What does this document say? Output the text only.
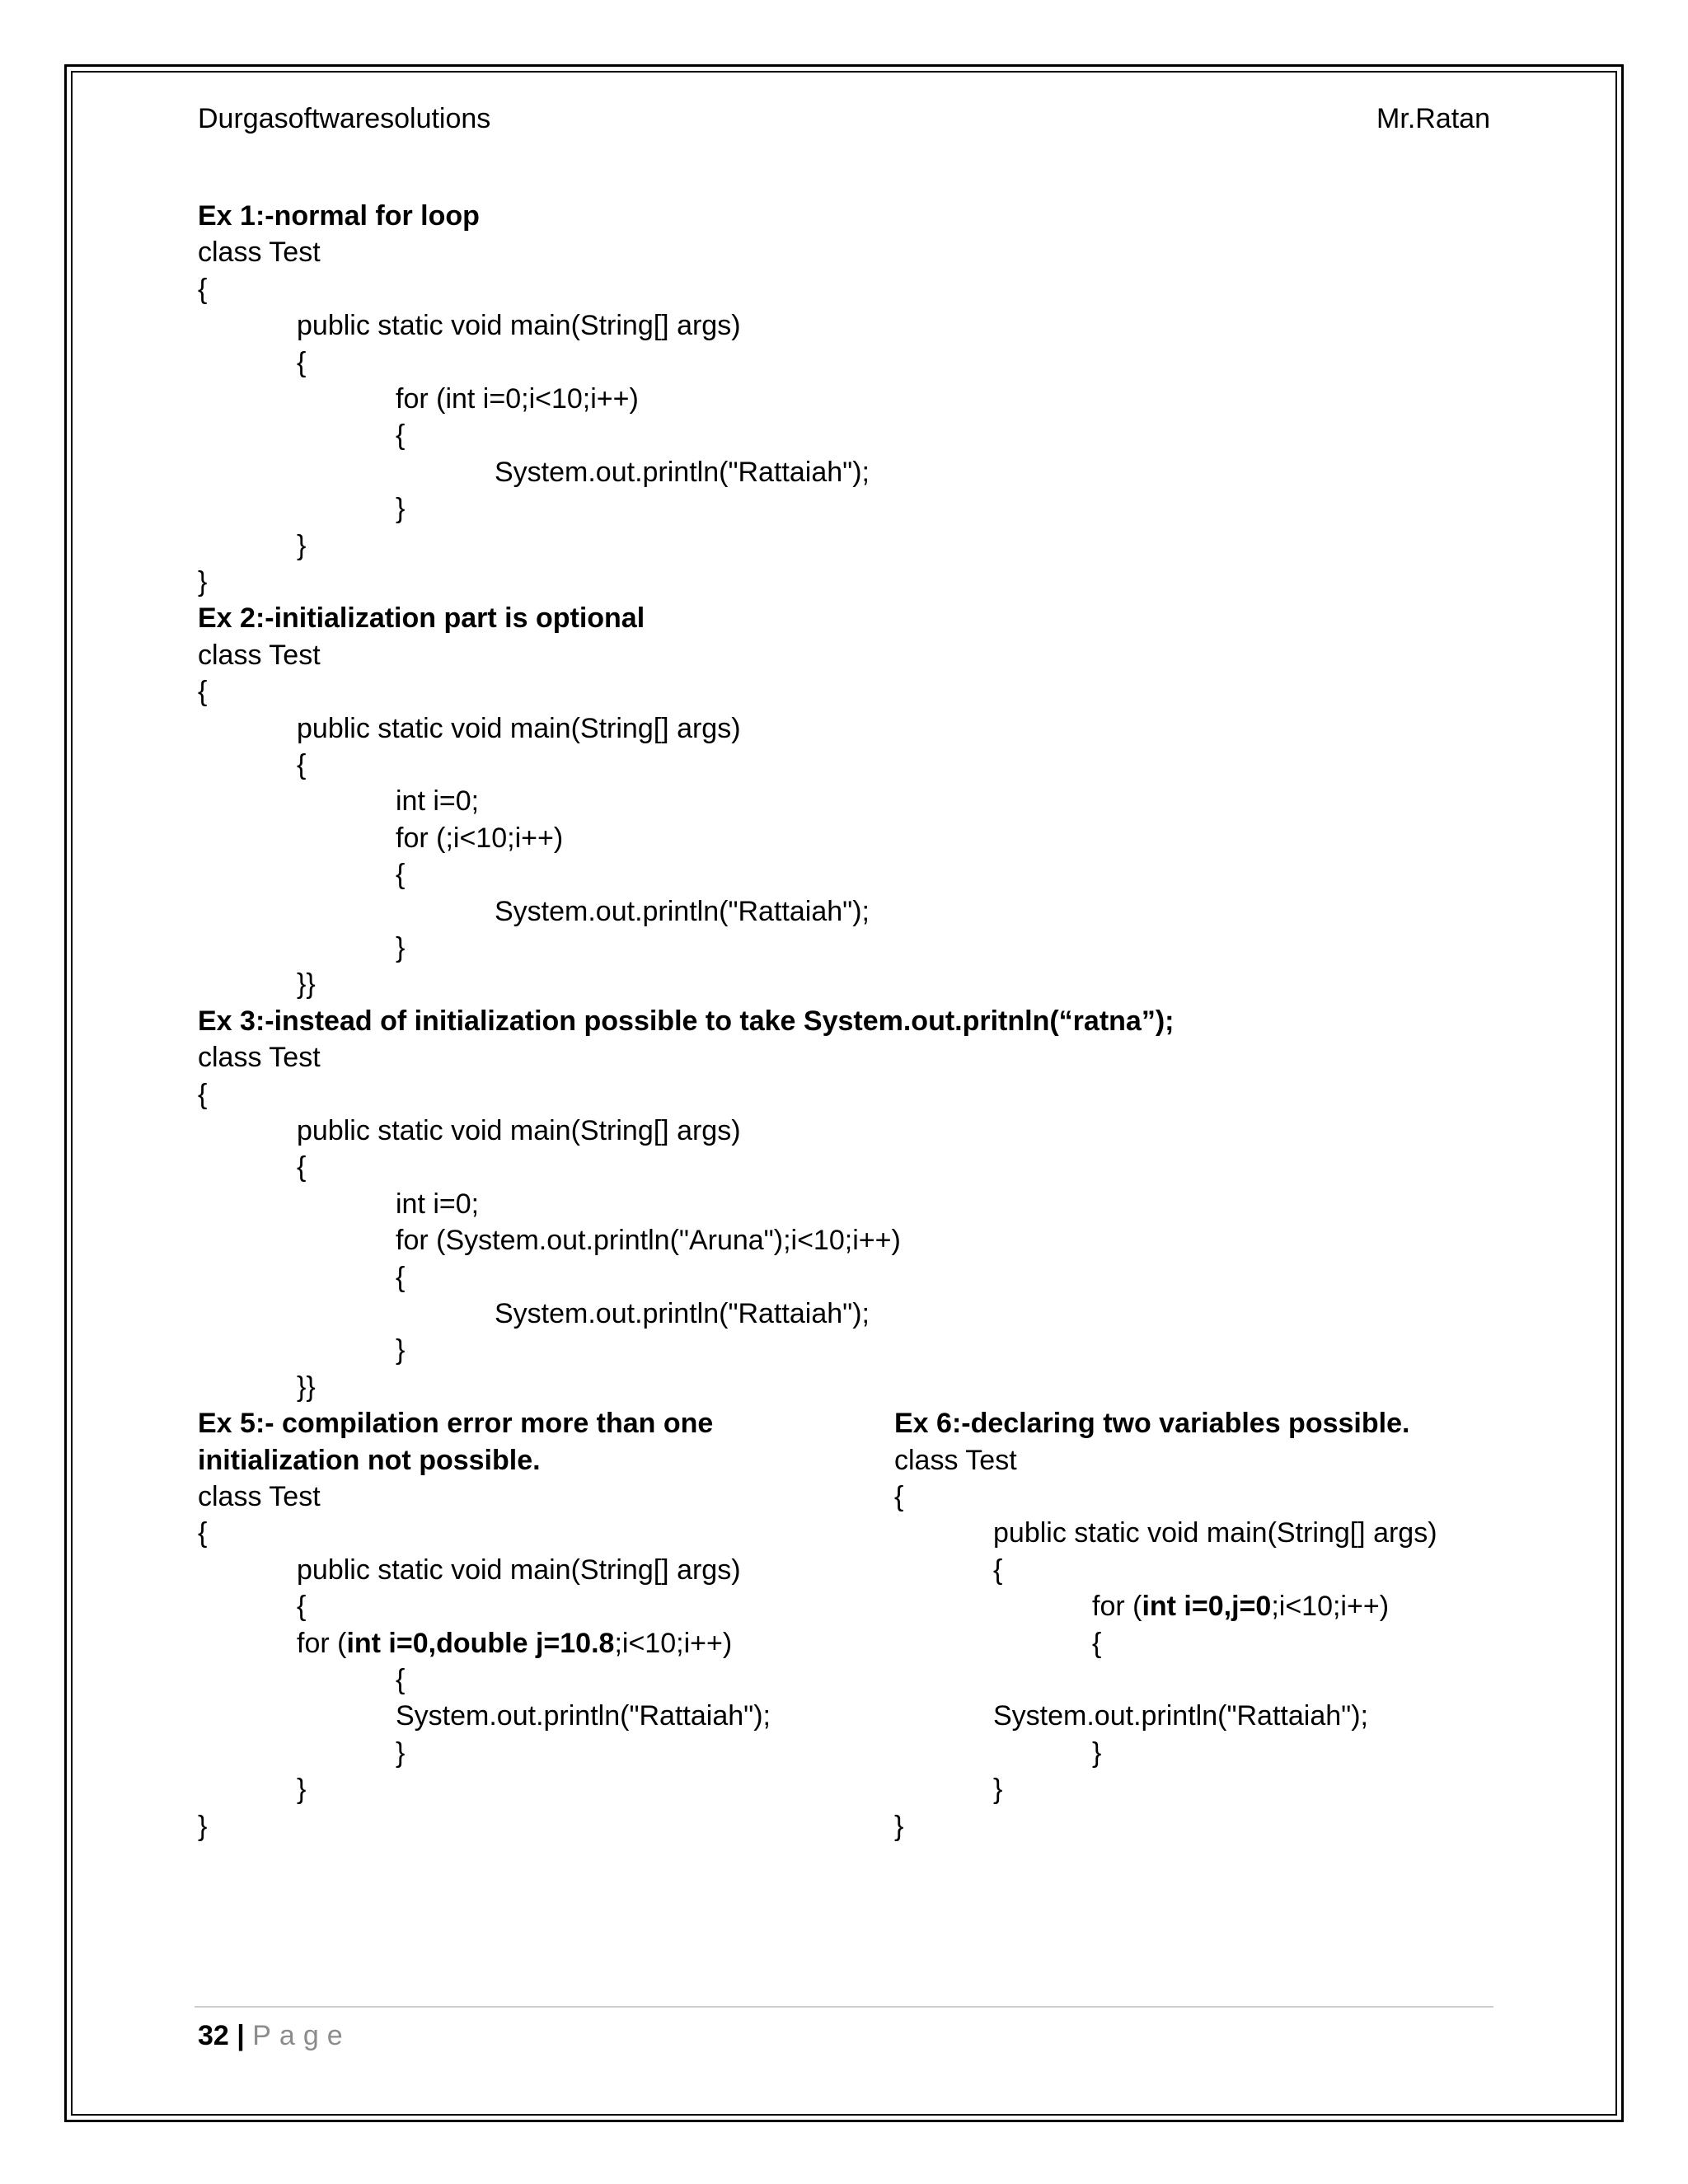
Durgasoftwaresolutions	Mr.Ratan
Ex 1:-normal for loop
class Test
{
public static void main(String[] args)
{
for (int i=0;i<10;i++)
{
System.out.println("Rattaiah");
}
}
}
Ex 2:-initialization part is optional
class Test
{
public static void main(String[] args)
{
int i=0;
for (;i<10;i++)
{
System.out.println("Rattaiah");
}
}}
Ex 3:-instead of initialization possible to take System.out.pritnln(“ratna”);
class Test
{
public static void main(String[] args)
{
int i=0;
for (System.out.println("Aruna");i<10;i++)
{
System.out.println("Rattaiah");
}
}}
Ex 5:- compilation error more than one
initialization not possible.
class Test
{
public static void main(String[] args)
{
for (int i=0,double j=10.8;i<10;i++)
{
System.out.println("Rattaiah");
}
}
}
Ex 6:-declaring two variables possible.
class Test
{
public static void main(String[] args)
{
for (int i=0,j=0;i<10;i++)
{
System.out.println("Rattaiah");
}
}
}
32 | Page
